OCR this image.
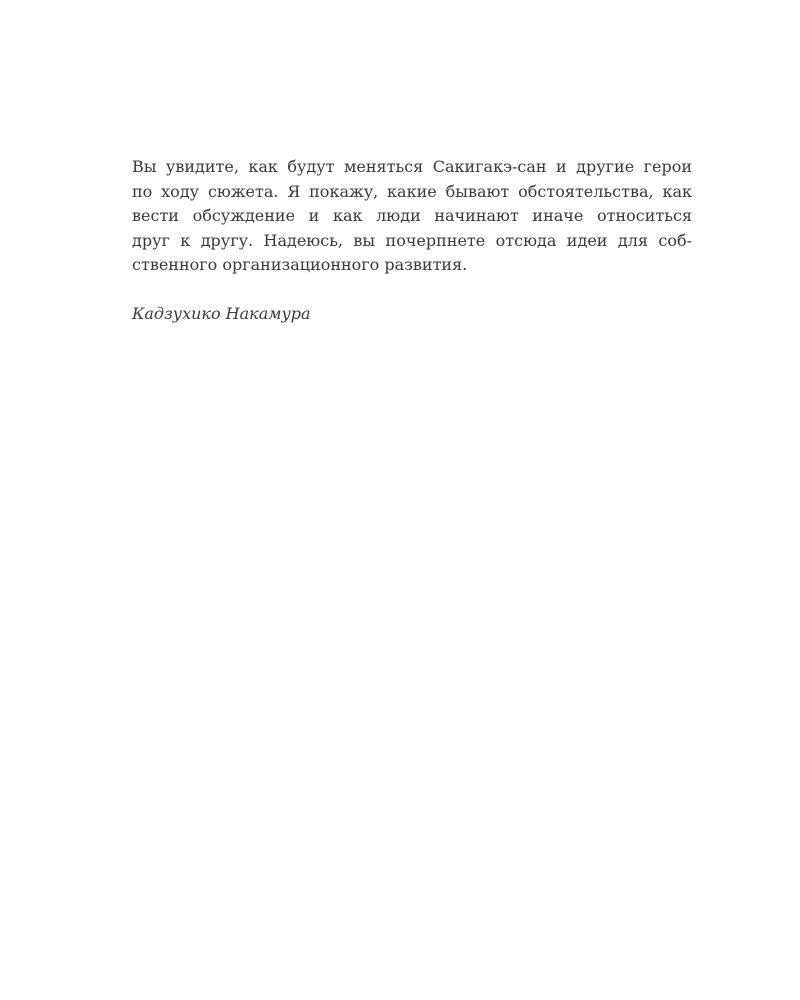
Вы увидите, как будут меняться Сакигакэ-сан и другие герои
по ходу сюжета. Я покажу, какие бывают обстоятельства, как
вести обсуждение и как люди начинают иначе относиться
друг к другу. Надеюсь, вы почерпнете отсюда идеи для соб-
ственного организационного развития.
Кадзухико Накамура
